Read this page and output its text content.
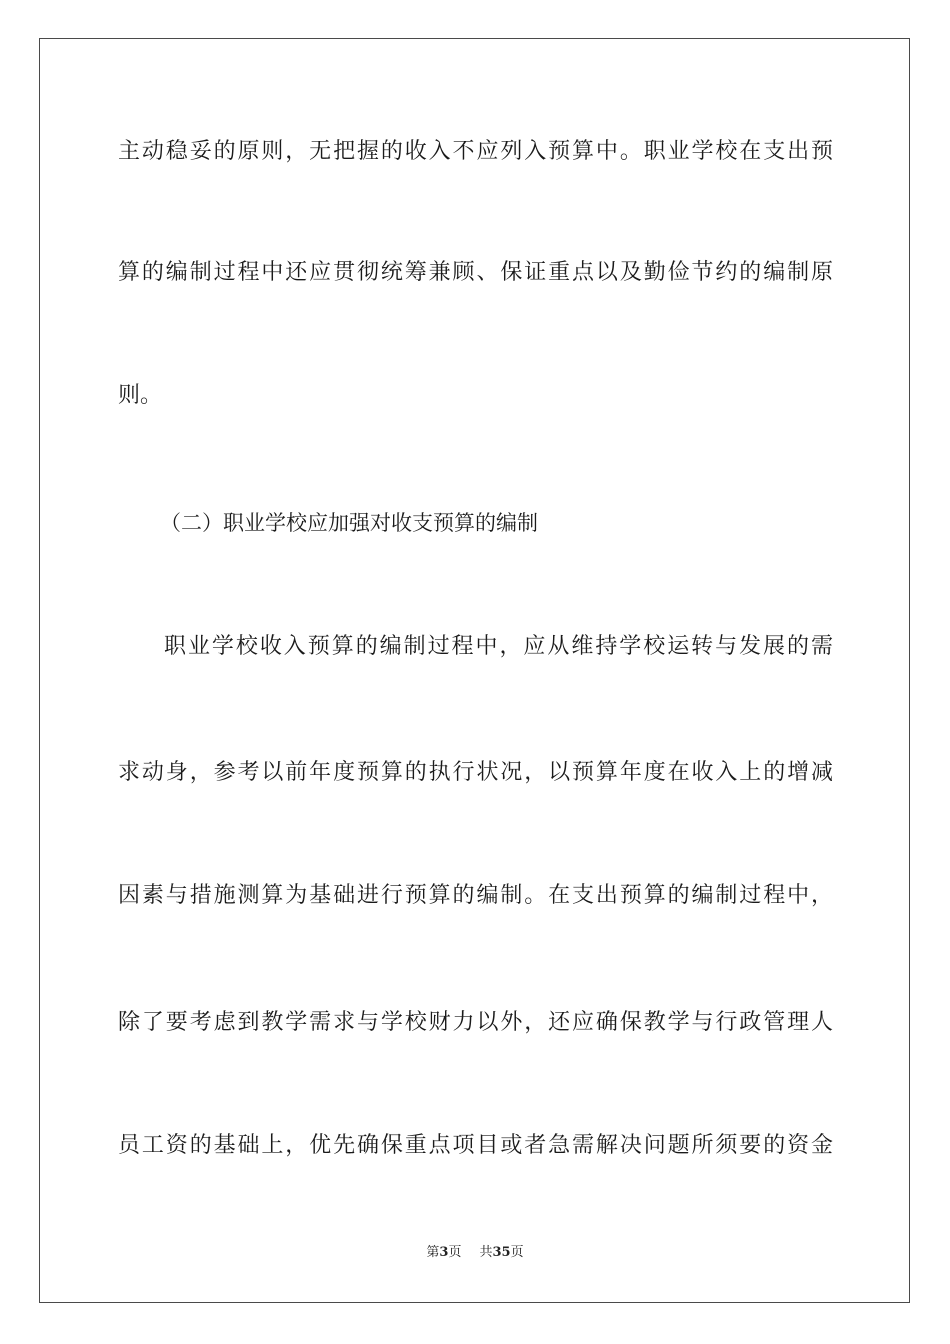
主动稳妥的原则，无把握的收入不应列入预算中。职业学校在支出预
算的编制过程中还应贯彻统筹兼顾、保证重点以及勤俭节约的编制原
则。
（二）职业学校应加强对收支预算的编制
职业学校收入预算的编制过程中，应从维持学校运转与发展的需
求动身，参考以前年度预算的执行状况，以预算年度在收入上的增减
因素与措施测算为基础进行预算的编制。在支出预算的编制过程中，
除了要考虑到教学需求与学校财力以外，还应确保教学与行政管理人
员工资的基础上，优先确保重点项目或者急需解决问题所须要的资金
第3页 共35页
